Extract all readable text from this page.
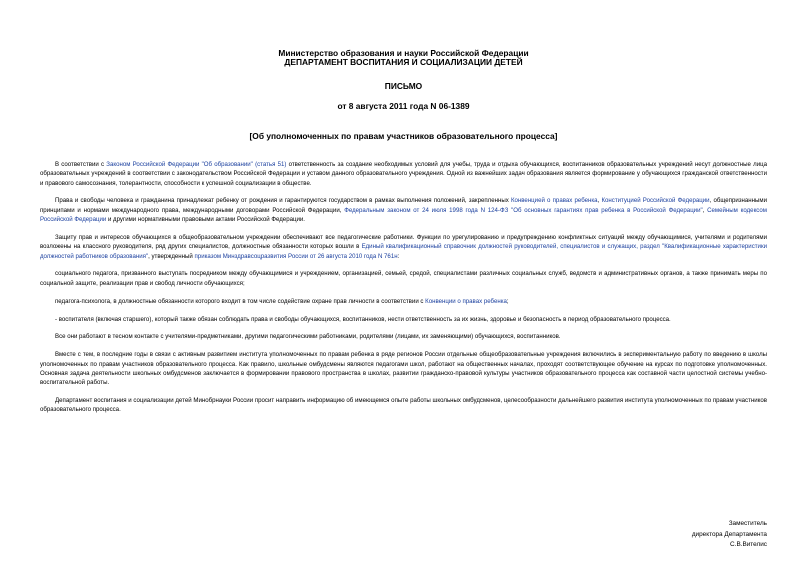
Министерство образования и науки Российской Федерации
ДЕПАРТАМЕНТ ВОСПИТАНИЯ И СОЦИАЛИЗАЦИИ ДЕТЕЙ
ПИСЬМО
от 8 августа 2011 года N 06-1389
[Об уполномоченных по правам участников образовательного процесса]

В соответствии с Законом Российской Федерации "Об образовании" (статья 51) ответственность за создание необходимых условий для учебы, труда и отдыха обучающихся, воспитанников образовательных учреждений несут должностные лица образовательных учреждений в соответствии с законодательством Российской Федерации и уставом данного образовательного учреждения. Одной из важнейших задач образования является формирование у обучающихся гражданской ответственности и правового самосознания, толерантности, способности к успешной социализации в обществе.

Права и свободы человека и гражданина принадлежат ребенку от рождения и гарантируются государством в рамках выполнения положений, закрепленных Конвенцией о правах ребенка, Конституцией Российской Федерации, общепризнанными принципами и нормами международного права, международными договорами Российской Федерации, Федеральным законом от 24 июля 1998 года N 124-ФЗ "Об основных гарантиях прав ребенка в Российской Федерации", Семейным кодексом Российской Федерации и другими нормативными правовыми актами Российской Федерации.

Защиту прав и интересов обучающихся в общеобразовательном учреждении обеспечивают все педагогические работники. Функции по урегулированию и предупреждению конфликтных ситуаций между обучающимися, учителями и родителями возложены на классного руководителя, ряд других специалистов, должностные обязанности которых вошли в Единый квалификационный справочник должностей руководителей, специалистов и служащих, раздел "Квалификационные характеристики должностей работников образования", утвержденный приказом Минздравсоцразвития России от 26 августа 2010 года N 761н:

социального педагога, призванного выступать посредником между обучающимися и учреждением, организацией, семьей, средой, специалистами различных социальных служб, ведомств и административных органов, а также принимать меры по социальной защите, реализации прав и свобод личности обучающихся;

педагога-психолога, в должностные обязанности которого входит в том числе содействие охране прав личности в соответствии с Конвенции о правах ребенка;

- воспитателя (включая старшего), который также обязан соблюдать права и свободы обучающихся, воспитанников, нести ответственность за их жизнь, здоровье и безопасность в период образовательного процесса.

Все они работают в тесном контакте с учителями-предметниками, другими педагогическими работниками, родителями (лицами, их заменяющими) обучающихся, воспитанников.

Вместе с тем, в последние годы в связи с активным развитием института уполномоченных по правам ребенка в ряде регионов России отдельные общеобразовательные учреждения включились в экспериментальную работу по введению в школы уполномоченных по правам участников образовательного процесса. Как правило, школьные омбудсмены являются педагогами школ, работают на общественных началах, проходят соответствующее обучение на курсах по подготовке уполномоченных. Основная задача деятельности школьных омбудсменов заключается в формировании правового пространства в школах, развитии гражданско-правовой культуры участников образовательного процесса как составной части целостной системы учебно-воспитательной работы.

Департамент воспитания и социализации детей Минобрнауки России просит направить информацию об имеющемся опыте работы школьных омбудсменов, целесообразности дальнейшего развития института уполномоченных по правам участников образовательного процесса.

Заместитель
директора Департамента
С.В.Вителис
